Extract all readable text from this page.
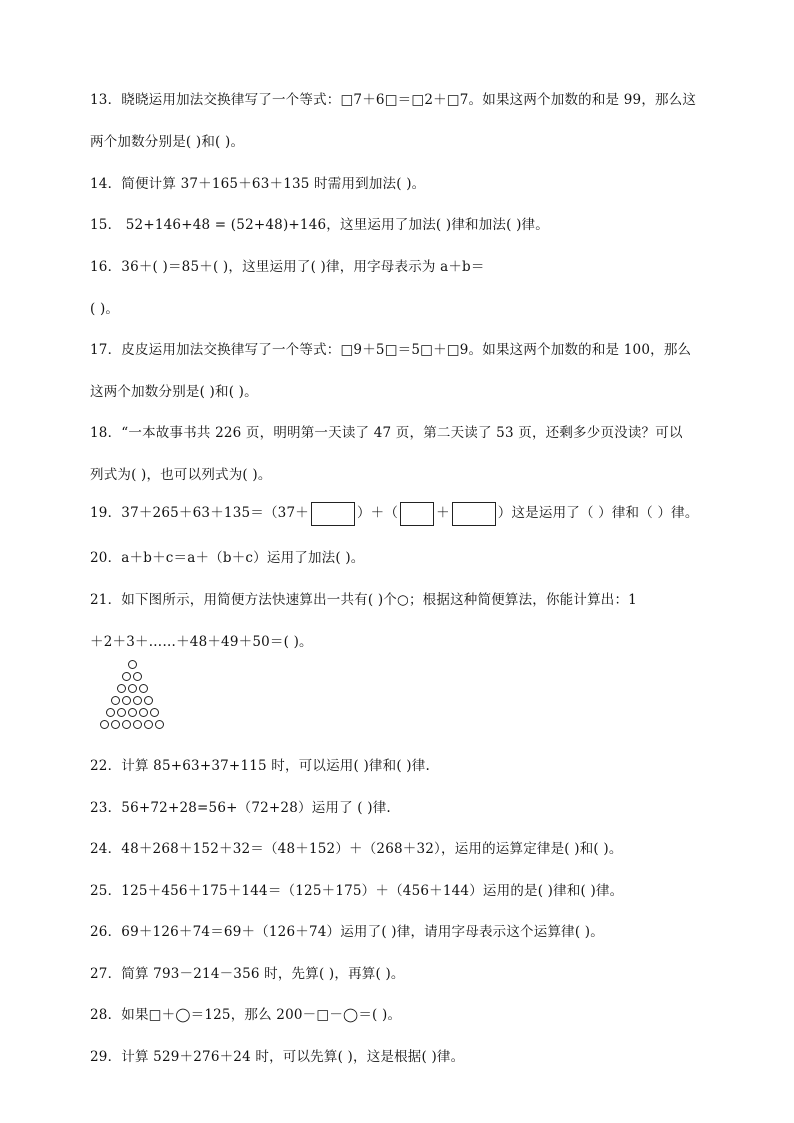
13．晓晓运用加法交换律写了一个等式：□7＋6□＝□2＋□7。如果这两个加数的和是 99，那么这
两个加数分别是( )和( )。
14．简便计算 37＋165＋63＋135 时需用到加法( )。
15． 52+146+48 = (52+48)+146，这里运用了加法( )律和加法( )律。
16．36＋( )＝85＋( )，这里运用了( )律，用字母表示为 a＋b＝
( )。
17．皮皮运用加法交换律写了一个等式：□9＋5□＝5□＋□9。如果这两个加数的和是 100，那么
这两个加数分别是( )和( )。
18．“一本故事书共 226 页，明明第一天读了 47 页，第二天读了 53 页，还剩多少页没读？可以
列式为( )，也可以列式为( )。
19．37＋265＋63＋135＝（37＋	）＋（	＋	）这是运用了（ ）律和（ ）律。
20．a＋b＋c＝a＋（b＋c）运用了加法( )。
21．如下图所示，用简便方法快速算出一共有( )个○；根据这种简便算法，你能计算出：1
＋2＋3＋……＋48＋49＋50＝( )。
22．计算 85+63+37+115 时，可以运用( )律和( )律.
23．56+72+28=56+（72+28）运用了 ( )律.
24．48＋268＋152＋32＝（48＋152）＋（268＋32），运用的运算定律是( )和( )。
25．125＋456＋175＋144＝（125＋175）＋（456＋144）运用的是( )律和( )律。
26．69＋126＋74＝69＋（126＋74）运用了( )律，请用字母表示这个运算律( )。
27．简算 793－214－356 时，先算( )，再算( )。
28．如果□＋◯＝125，那么 200－□－◯＝( )。
29．计算 529＋276＋24 时，可以先算( )，这是根据( )律。
